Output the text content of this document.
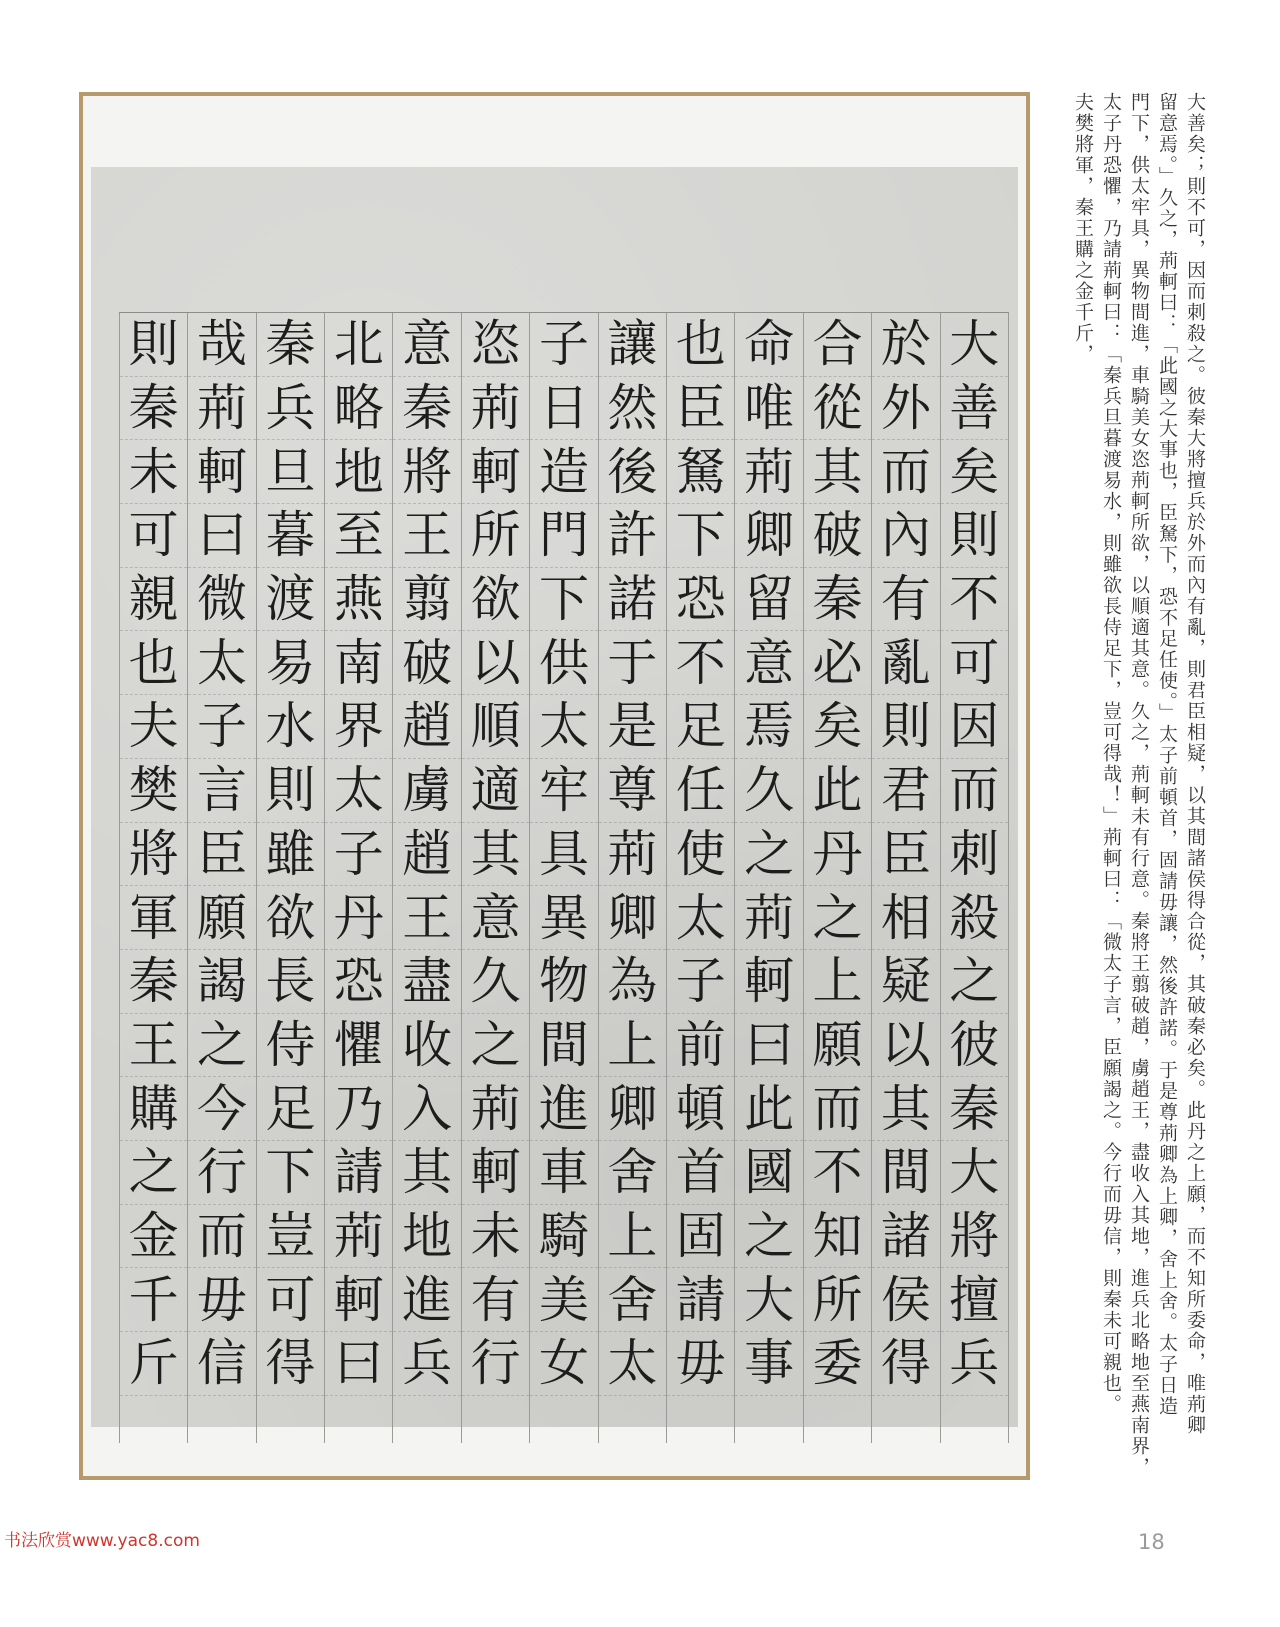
大
善
矣
則
不
可
因
而
刺
殺
之
彼
秦
大
將
擅
兵
於
外
而
內
有
亂
則
君
臣
相
疑
以
其
間
諸
侯
得
合
從
其
破
秦
必
矣
此
丹
之
上
願
而
不
知
所
委
命
唯
荊
卿
留
意
焉
久
之
荊
軻
曰
此
國
之
大
事
也
臣
駑
下
恐
不
足
任
使
太
子
前
頓
首
固
請
毋
讓
然
後
許
諾
于
是
尊
荊
卿
為
上
卿
舍
上
舍
太
子
日
造
門
下
供
太
牢
具
異
物
間
進
車
騎
美
女
恣
荊
軻
所
欲
以
順
適
其
意
久
之
荊
軻
未
有
行
意
秦
將
王
翦
破
趙
虜
趙
王
盡
收
入
其
地
進
兵
北
略
地
至
燕
南
界
太
子
丹
恐
懼
乃
請
荊
軻
曰
秦
兵
旦
暮
渡
易
水
則
雖
欲
長
侍
足
下
豈
可
得
哉
荊
軻
曰
微
太
子
言
臣
願
謁
之
今
行
而
毋
信
則
秦
未
可
親
也
夫
樊
將
軍
秦
王
購
之
金
千
斤	大善矣；則不可，因而刺殺之。彼秦大將擅兵於外而內有亂，則君臣相疑，以其間諸侯得合從，其破秦必矣。此丹之上願，而不知所委命，唯荊卿
留意焉。」久之，荊軻曰：「此國之大事也，臣駑下，恐不足任使。」太子前頓首，固請毋讓，然後許諾。于是尊荊卿為上卿，舍上舍。太子日造
門下，供太牢具，異物間進，車騎美女恣荊軻所欲，以順適其意。久之，荊軻未有行意。秦將王翦破趙，虜趙王，盡收入其地，進兵北略地至燕南界，
太子丹恐懼，乃請荊軻曰：「秦兵旦暮渡易水，則雖欲長侍足下，豈可得哉！」荊軻曰：「微太子言，臣願謁之。今行而毋信，則秦未可親也。
夫樊將軍，秦王購之金千斤，
书法欣赏www.yac8.com	18
